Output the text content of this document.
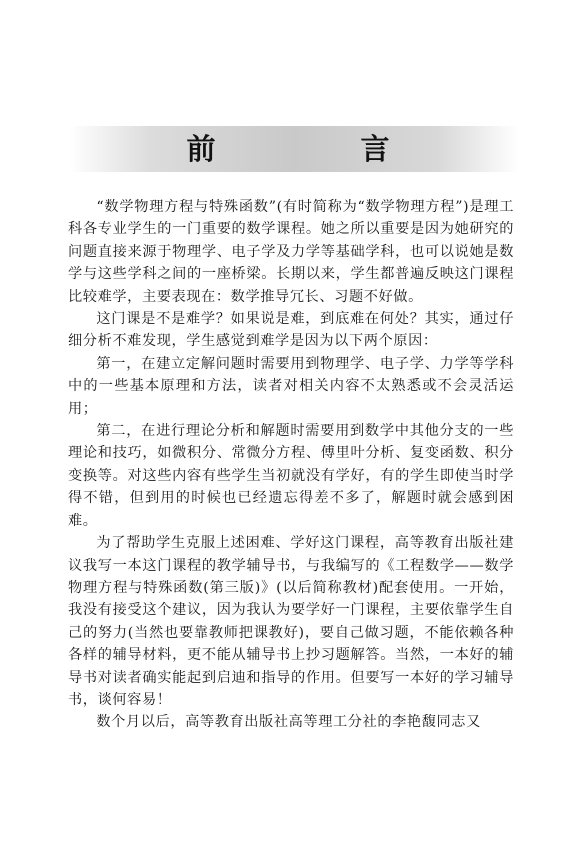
前　言

“数学物理方程与特殊函数”(有时简称为“数学物理方程”)是理工科各专业学生的一门重要的数学课程。她之所以重要是因为她研究的问题直接来源于物理学、电子学及力学等基础学科，也可以说她是数学与这些学科之间的一座桥梁。长期以来，学生都普遍反映这门课程比较难学，主要表现在：数学推导冗长、习题不好做。

这门课是不是难学？如果说是难，到底难在何处？其实，通过仔细分析不难发现，学生感觉到难学是因为以下两个原因：

第一，在建立定解问题时需要用到物理学、电子学、力学等学科中的一些基本原理和方法，读者对相关内容不太熟悉或不会灵活运用；

第二，在进行理论分析和解题时需要用到数学中其他分支的一些理论和技巧，如微积分、常微分方程、傅里叶分析、复变函数、积分变换等。对这些内容有些学生当初就没有学好，有的学生即使当时学得不错，但到用的时候也已经遗忘得差不多了，解题时就会感到困难。

为了帮助学生克服上述困难、学好这门课程，高等教育出版社建议我写一本这门课程的教学辅导书，与我编写的《工程数学——数学物理方程与特殊函数(第三版)》(以后简称教材)配套使用。一开始，我没有接受这个建议，因为我认为要学好一门课程，主要依靠学生自己的努力(当然也要靠教师把课教好)，要自己做习题，不能依赖各种各样的辅导材料，更不能从辅导书上抄习题解答。当然，一本好的辅导书对读者确实能起到启迪和指导的作用。但要写一本好的学习辅导书，谈何容易！

数个月以后，高等教育出版社高等理工分社的李艳馥同志又
